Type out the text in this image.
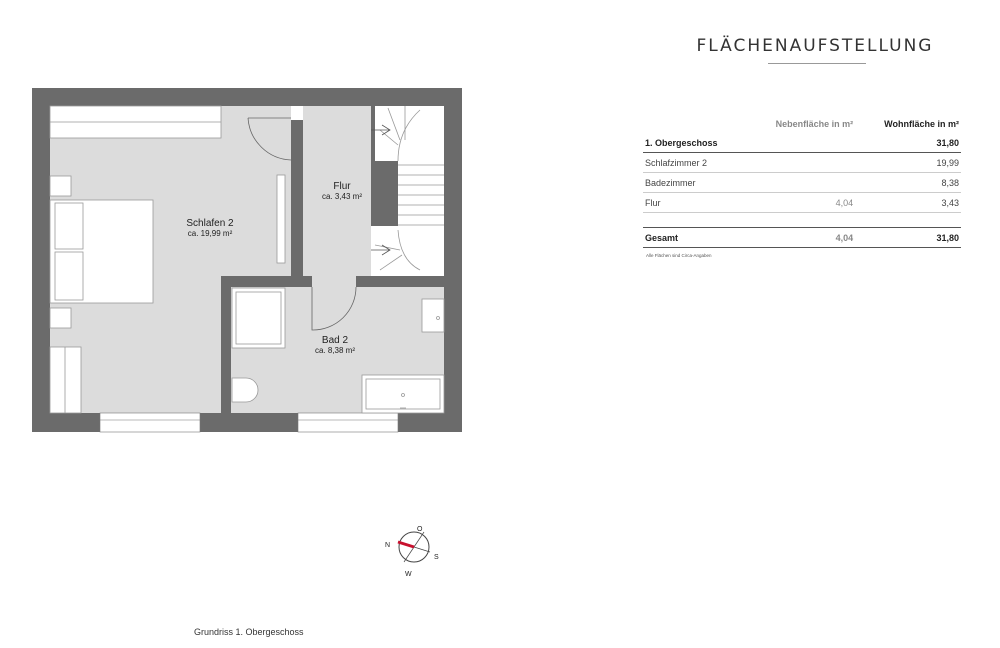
FLÄCHENAUFSTELLUNG
	Nebenfläche in m²	Wohnfläche in m²
1. Obergeschoss		31,80
Schlafzimmer 2		19,99
Badezimmer		8,38
Flur	4,04	3,43

Gesamt	4,04	31,80
Alle Flächen sind Circa-Angaben
Schlafen 2
ca. 19,99 m²
Flur
ca. 3,43 m²
Bad 2
ca. 8,38 m²
N
O
S
W
Grundriss 1. Obergeschoss
